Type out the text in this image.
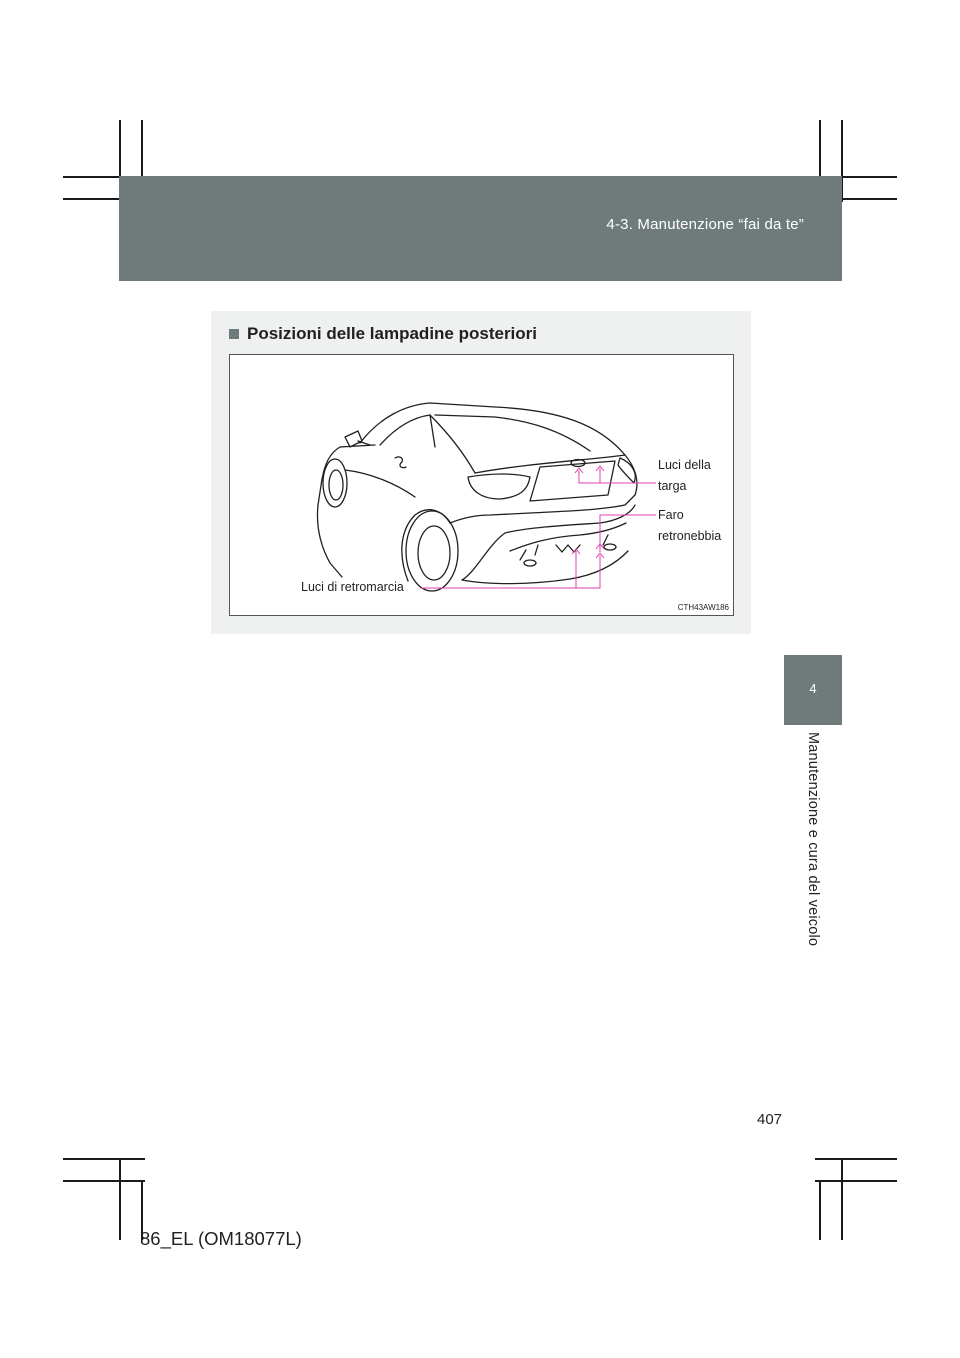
4-3. Manutenzione “fai da te”
4
Manutenzione e cura del veicolo
Posizioni delle lampadine posteriori
Luci della
targa
Faro
retronebbia
Luci di retromarcia
CTH43AW186
407
86_EL (OM18077L)
